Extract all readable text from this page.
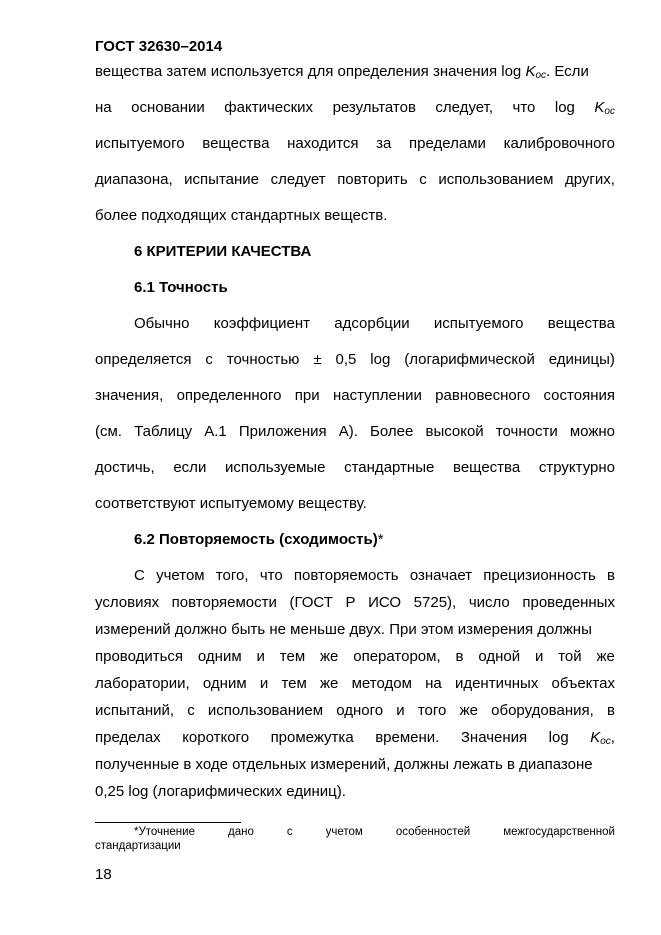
ГОСТ 32630–2014
вещества затем используется для определения значения $\log K_{oc}$. Если
на основании фактических результатов следует, что $\log K_{oc}$
испытуемого вещества находится за пределами калибровочного
диапазона, испытание следует повторить с использованием других,
более подходящих стандартных веществ.
6 КРИТЕРИИ КАЧЕСТВА
6.1 Точность
Обычно коэффициент адсорбции испытуемого вещества
определяется с точностью ± 0,5 log (логарифмической единицы)
значения, определенного при наступлении равновесного состояния
(см. Таблицу А.1 Приложения А). Более высокой точности можно
достичь, если используемые стандартные вещества структурно
соответствуют испытуемому веществу.
6.2 Повторяемость (сходимость)*
С учетом того, что повторяемость означает прецизионность в
условиях повторяемости (ГОСТ Р ИСО 5725), число проведенных
измерений должно быть не меньше двух. При этом измерения должны
проводиться одним и тем же оператором, в одной и той же
лаборатории, одним и тем же методом на идентичных объектах
испытаний, с использованием одного и того же оборудования, в
пределах короткого промежутка времени. Значения $\log K_{oc}$,
полученные в ходе отдельных измерений, должны лежать в диапазоне
0,25 log (логарифмических единиц).
*Уточнение	дано	с	учетом	особенностей	межгосударственной
стандартизации
18
